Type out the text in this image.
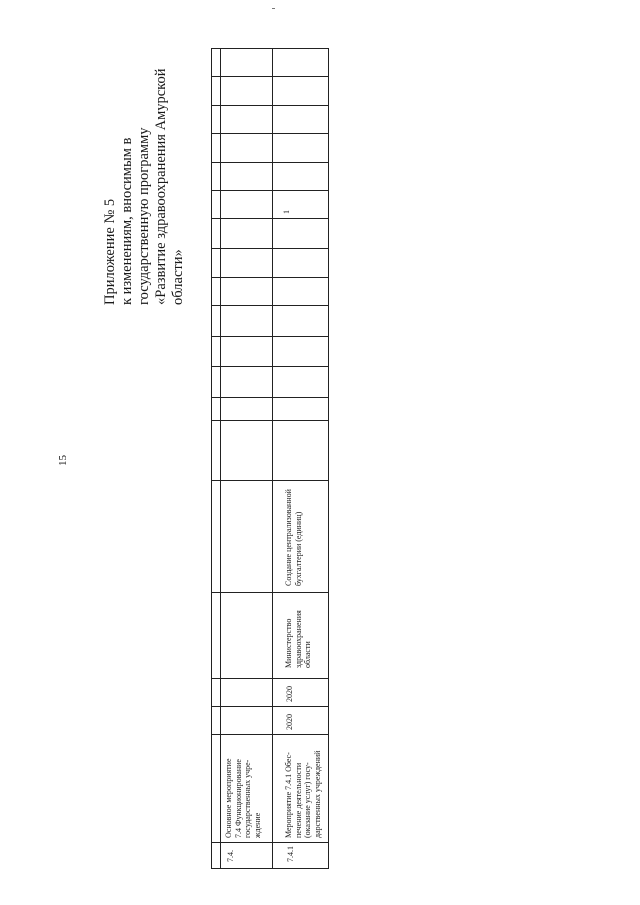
15
Приложение № 5 к изменениям, вносимым в государственную программу «Развитие здравоохранения Амурской области»
7.4.
Основное мероприятие 7.4 Функционирование государственных учре- ждение
7.4.1
Мероприятие 7.4.1 Обес- печение деятельности (оказание услуг) госу- дарственных учреждений
2020
2020
Министерство здравоохранения области
Создание централизованной бухгалтерии (единиц)
1
